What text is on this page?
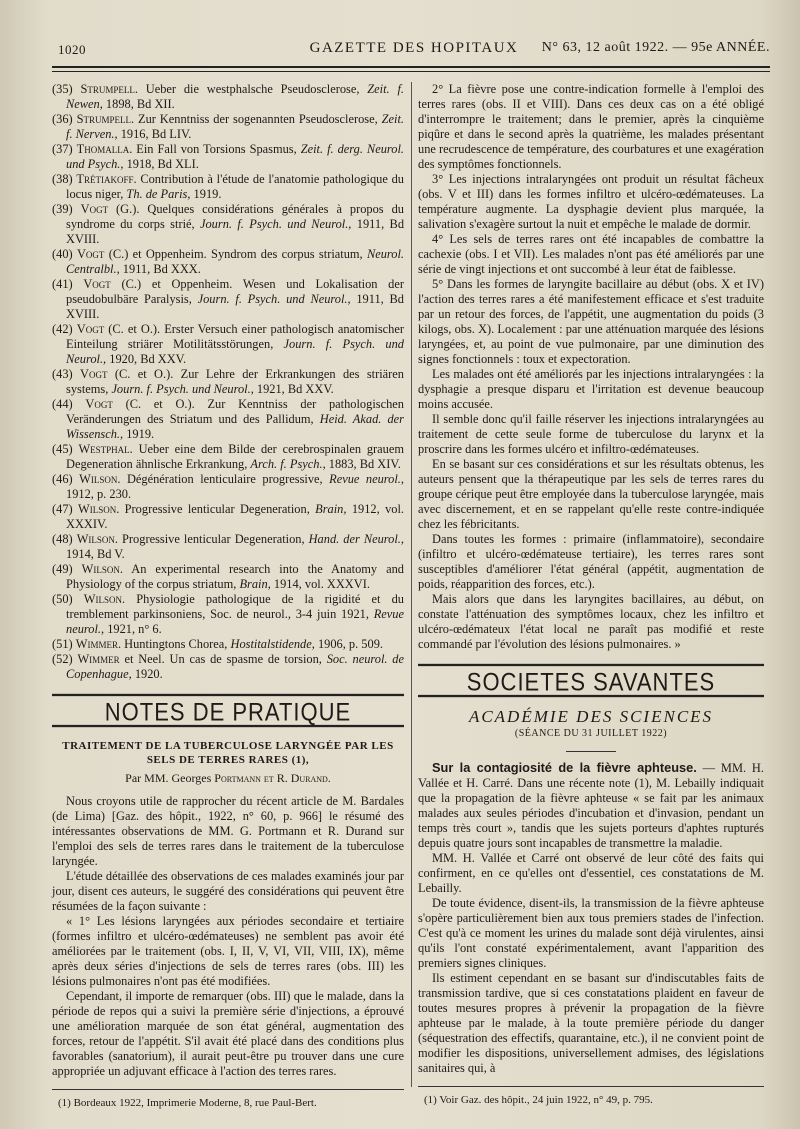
1020	GAZETTE DES HOPITAUX	N° 63, 12 août 1922. — 95e ANNÉE.

(35) Strumpell. Ueber die westphalsche Pseudosclerose, Zeit. f. Newen, 1898, Bd XII.

(36) Strumpell. Zur Kenntniss der sogenannten Pseudosclerose, Zeit. f. Nerven., 1916, Bd LIV.

(37) Thomalla. Ein Fall von Torsions Spasmus, Zeit. f. derg. Neurol. und Psych., 1918, Bd XLI.

(38) Trétiakoff. Contribution à l'étude de l'anatomie pathologique du locus niger, Th. de Paris, 1919.

(39) Vogt (G.). Quelques considérations générales à propos du syndrome du corps strié, Journ. f. Psych. und Neurol., 1911, Bd XVIII.

(40) Vogt (C.) et Oppenheim. Syndrom des corpus striatum, Neurol. Centralbl., 1911, Bd XXX.

(41) Vogt (C.) et Oppenheim. Wesen und Lokalisation der pseudobulbäre Paralysis, Journ. f. Psych. und Neurol., 1911, Bd XVIII.

(42) Vogt (C. et O.). Erster Versuch einer pathologisch anatomischer Einteilung striärer Motilitätsstörungen, Journ. f. Psych. und Neurol., 1920, Bd XXV.

(43) Vogt (C. et O.). Zur Lehre der Erkrankungen des striären systems, Journ. f. Psych. und Neurol., 1921, Bd XXV.

(44) Vogt (C. et O.). Zur Kenntniss der pathologischen Veränderungen des Striatum und des Pallidum, Heid. Akad. der Wissensch., 1919.

(45) Westphal. Ueber eine dem Bilde der cerebrospinalen grauem Degeneration ähnlische Erkrankung, Arch. f. Psych., 1883, Bd XIV.

(46) Wilson. Dégénération lenticulaire progressive, Revue neurol., 1912, p. 230.

(47) Wilson. Progressive lenticular Degeneration, Brain, 1912, vol. XXXIV.

(48) Wilson. Progressive lenticular Degeneration, Hand. der Neurol., 1914, Bd V.

(49) Wilson. An experimental research into the Anatomy and Physiology of the corpus striatum, Brain, 1914, vol. XXXVI.

(50) Wilson. Physiologie pathologique de la rigidité et du tremblement parkinsoniens, Soc. de neurol., 3-4 juin 1921, Revue neurol., 1921, n° 6.

(51) Wimmer. Huntingtons Chorea, Hostitalstidende, 1906, p. 509.

(52) Wimmer et Neel. Un cas de spasme de torsion, Soc. neurol. de Copenhague, 1920.

NOTES DE PRATIQUE
TRAITEMENT DE LA TUBERCULOSE LARYNGÉE PAR LES SELS DE TERRES RARES (1),
Par MM. Georges Portmann et R. Durand.

Nous croyons utile de rapprocher du récent article de M. Bardales (de Lima) [Gaz. des hôpit., 1922, n° 60, p. 966] le résumé des intéressantes observations de MM. G. Portmann et R. Durand sur l'emploi des sels de terres rares dans le traitement de la tuberculose laryngée.

L'étude détaillée des observations de ces malades examinés jour par jour, disent ces auteurs, le suggéré des considérations qui peuvent être résumées de la façon suivante :

« 1° Les lésions laryngées aux périodes secondaire et tertiaire (formes infiltro et ulcéro-œdémateuses) ne semblent pas avoir été améliorées par le traitement (obs. I, II, V, VI, VII, VIII, IX), même après deux séries d'injections de sels de terres rares (obs. III) les lésions pulmonaires n'ont pas été modifiées.

Cependant, il importe de remarquer (obs. III) que le malade, dans la période de repos qui a suivi la première série d'injections, a éprouvé une amélioration marquée de son état général, augmentation des forces, retour de l'appétit. S'il avait été placé dans des conditions plus favorables (sanatorium), il aurait peut-être pu trouver dans une cure appropriée un adjuvant efficace à l'action des terres rares.

(1) Bordeaux 1922, Imprimerie Moderne, 8, rue Paul-Bert.

2° La fièvre pose une contre-indication formelle à l'emploi des terres rares (obs. II et VIII). Dans ces deux cas on a été obligé d'interrompre le traitement; dans le premier, après la cinquième piqûre et dans le second après la quatrième, les malades présentant une recrudescence de température, des courbatures et une exagération des symptômes fonctionnels.

3° Les injections intralaryngées ont produit un résultat fâcheux (obs. V et III) dans les formes infiltro et ulcéro-œdémateuses. La température augmente. La dysphagie devient plus marquée, la salivation s'exagère surtout la nuit et empêche le malade de dormir.

4° Les sels de terres rares ont été incapables de combattre la cachexie (obs. I et VII). Les malades n'ont pas été améliorés par une série de vingt injections et ont succombé à leur état de faiblesse.

5° Dans les formes de laryngite bacillaire au début (obs. X et IV) l'action des terres rares a été manifestement efficace et s'est traduite par un retour des forces, de l'appétit, une augmentation du poids (3 kilogs, obs. X). Localement : par une atténuation marquée des lésions laryngées, et, au point de vue pulmonaire, par une diminution des signes fonctionnels : toux et expectoration.

Les malades ont été améliorés par les injections intralaryngées : la dysphagie a presque disparu et l'irritation est devenue beaucoup moins accusée.

Il semble donc qu'il faille réserver les injections intralaryngées au traitement de cette seule forme de tuberculose du larynx et la proscrire dans les formes ulcéro et infiltro-œdémateuses.

En se basant sur ces considérations et sur les résultats obtenus, les auteurs pensent que la thérapeutique par les sels de terres rares du groupe cérique peut être employée dans la tuberculose laryngée, mais avec discernement, et en se rappelant qu'elle reste contre-indiquée chez les fébricitants.

Dans toutes les formes : primaire (inflammatoire), secondaire (infiltro et ulcéro-œdémateuse tertiaire), les terres rares sont susceptibles d'améliorer l'état général (appétit, augmentation de poids, réapparition des forces, etc.).

Mais alors que dans les laryngites bacillaires, au début, on constate l'atténuation des symptômes locaux, chez les infiltro et ulcéro-œdémateux l'état local ne paraît pas modifié et reste commandé par l'évolution des lésions pulmonaires. »

SOCIETES SAVANTES
ACADÉMIE DES SCIENCES
(SÉANCE DU 31 JUILLET 1922)

Sur la contagiosité de la fièvre aphteuse. — MM. H. Vallée et H. Carré. Dans une récente note (1), M. Lebailly indiquait que la propagation de la fièvre aphteuse « se fait par les animaux malades aux seules périodes d'incubation et d'invasion, pendant un temps très court », tandis que les sujets porteurs d'aphtes rupturés depuis quatre jours sont incapables de transmettre la maladie.

MM. H. Vallée et Carré ont observé de leur côté des faits qui confirment, en ce qu'elles ont d'essentiel, ces constatations de M. Lebailly.

De toute évidence, disent-ils, la transmission de la fièvre aphteuse s'opère particulièrement bien aux tous premiers stades de l'infection. C'est qu'à ce moment les urines du malade sont déjà virulentes, ainsi qu'ils l'ont constaté expérimentalement, avant l'apparition des premiers signes cliniques.

Ils estiment cependant en se basant sur d'indiscutables faits de transmission tardive, que si ces constatations plaident en faveur de toutes mesures propres à prévenir la propagation de la fièvre aphteuse par le malade, à la toute première période du danger (séquestration des effectifs, quarantaine, etc.), il ne convient point de modifier les dispositions, universellement admises, des législations sanitaires qui, à

(1) Voir Gaz. des hôpit., 24 juin 1922, n° 49, p. 795.
